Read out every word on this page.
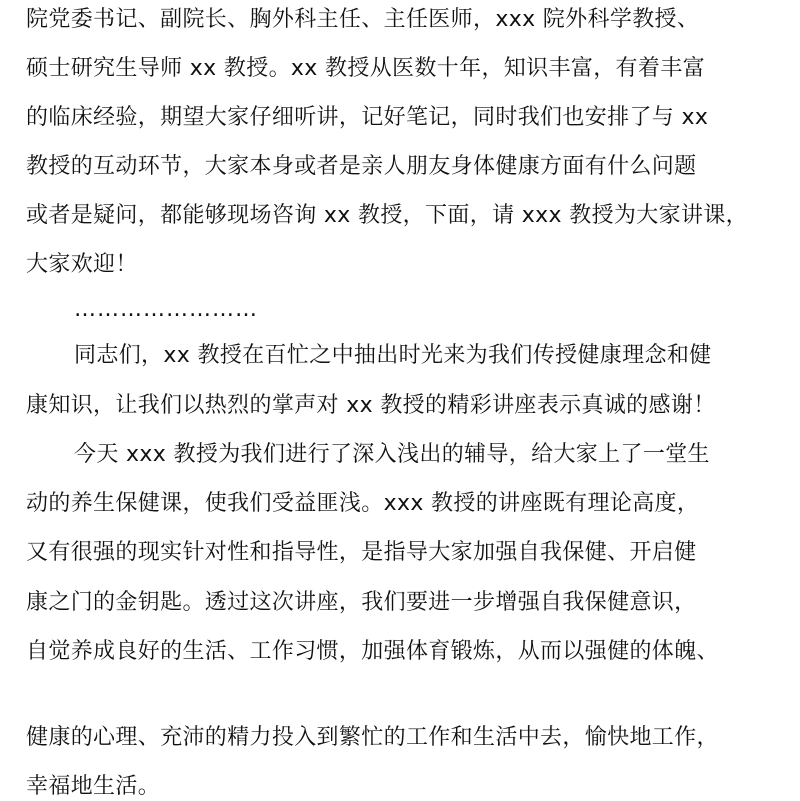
院党委书记、副院长、胸外科主任、主任医师，xxx 院外科学教授、
硕士研究生导师 xx 教授。xx 教授从医数十年，知识丰富，有着丰富
的临床经验，期望大家仔细听讲，记好笔记，同时我们也安排了与 xx
教授的互动环节，大家本身或者是亲人朋友身体健康方面有什么问题
或者是疑问，都能够现场咨询 xx 教授，下面，请 xxx 教授为大家讲课，
大家欢迎！
……………………
同志们，xx 教授在百忙之中抽出时光来为我们传授健康理念和健
康知识，让我们以热烈的掌声对 xx 教授的精彩讲座表示真诚的感谢！
今天 xxx 教授为我们进行了深入浅出的辅导，给大家上了一堂生
动的养生保健课，使我们受益匪浅。xxx 教授的讲座既有理论高度，
又有很强的现实针对性和指导性，是指导大家加强自我保健、开启健
康之门的金钥匙。透过这次讲座，我们要进一步增强自我保健意识，
自觉养成良好的生活、工作习惯，加强体育锻炼，从而以强健的体魄、
健康的心理、充沛的精力投入到繁忙的工作和生活中去，愉快地工作，
幸福地生活。
